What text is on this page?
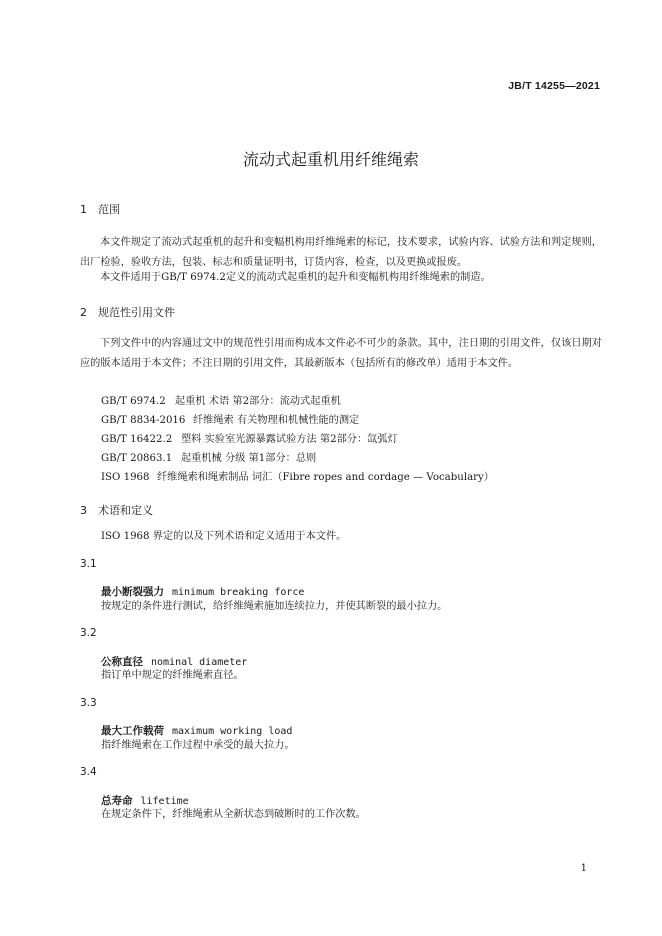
JB/T 14255—2021
流动式起重机用纤维绳索
1 范围
本文件规定了流动式起重机的起升和变幅机构用纤维绳索的标记，技术要求，试验内容、试验方法和判定规则，出厂检验，验收方法，包装、标志和质量证明书，订货内容，检查，以及更换或报废。
本文件适用于GB/T 6974.2定义的流动式起重机的起升和变幅机构用纤维绳索的制造。
2 规范性引用文件
下列文件中的内容通过文中的规范性引用而构成本文件必不可少的条款。其中，注日期的引用文件，仅该日期对应的版本适用于本文件；不注日期的引用文件，其最新版本（包括所有的修改单）适用于本文件。
GB/T 6974.2 起重机 术语 第2部分：流动式起重机
GB/T 8834-2016 纤维绳索 有关物理和机械性能的测定
GB/T 16422.2 塑料 实验室光源暴露试验方法 第2部分：氙弧灯
GB/T 20863.1 起重机械 分级 第1部分：总则
ISO 1968 纤维绳索和绳索制品 词汇（Fibre ropes and cordage — Vocabulary）
3 术语和定义
ISO 1968 界定的以及下列术语和定义适用于本文件。
3.1
最小断裂强力 minimum breaking force
按规定的条件进行测试，给纤维绳索施加连续拉力，并使其断裂的最小拉力。
3.2
公称直径 nominal diameter
指订单中规定的纤维绳索直径。
3.3
最大工作载荷 maximum working load
指纤维绳索在工作过程中承受的最大拉力。
3.4
总寿命 lifetime
在规定条件下，纤维绳索从全新状态到破断时的工作次数。
1
